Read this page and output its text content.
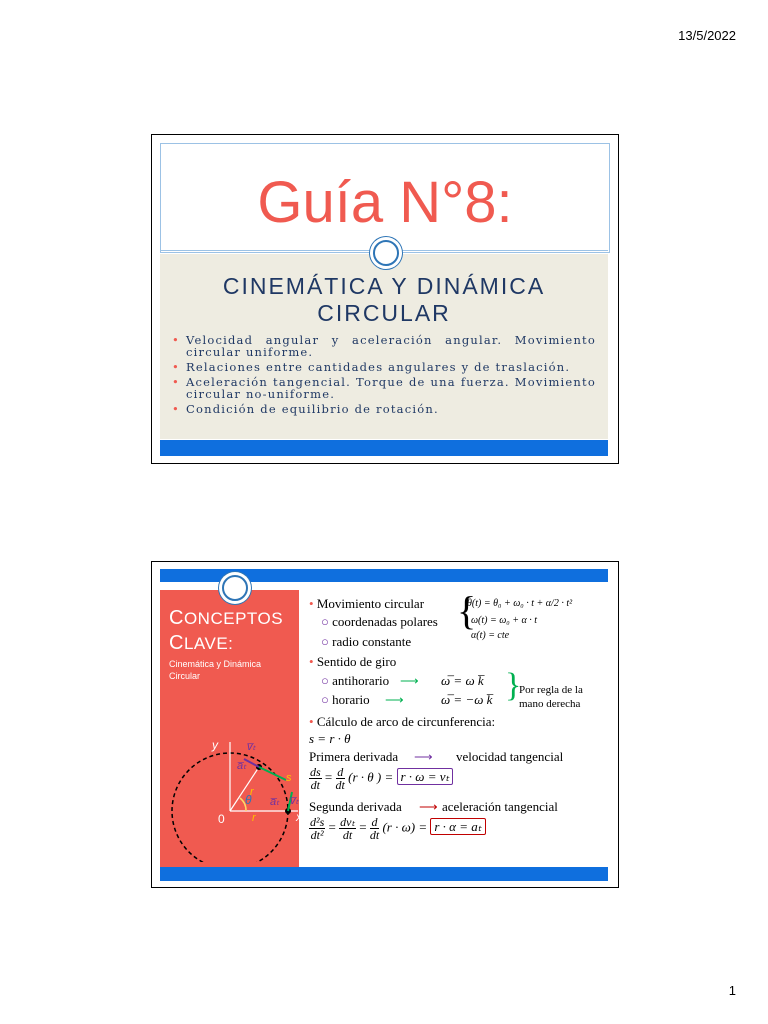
13/5/2022
Guía N°8:
CINEMÁTICA Y DINÁMICA
CIRCULAR
• Velocidad angular y aceleración angular. Movimiento circular uniforme.
• Relaciones entre cantidades angulares y de traslación.
• Aceleración tangencial. Torque de una fuerza. Movimiento circular no-uniforme.
• Condición de equilibrio de rotación.
CONCEPTOS
CLAVE:
Cinemática y Dinámica Circular
y
x
0
v̅ₜ
a̅ₜ
a̅ₜ v̅ₜ
r
r
θ
s
• Movimiento circular
○ coordenadas polares
○ radio constante
{
θ(t) = θ₀ + ω₀ · t + α/2 · t²
ω(t) = ω₀ + α · t
α(t) = cte
• Sentido de giro
○ antihorario ⟶ ω̅ = ω k̅
○ horario ⟶	ω̅ = −ω k̅ }
Por regla de la mano derecha
• Cálculo de arco de circunferencia:
s = r · θ
Primera derivada ⟶ velocidad tangencial
$\frac{ds}{dt} = \frac{d}{dt} (r \cdot \theta$ ) = r · ω = vₜ
Segunda derivada ⟶ aceleración tangencial
$\frac{\text{d²s}}{\text{dt²}} = \frac{\text{dvₜ}}{dt} = \frac{d}{dt} (r \cdot \omega) = r \cdot \alpha = a_t$
1
